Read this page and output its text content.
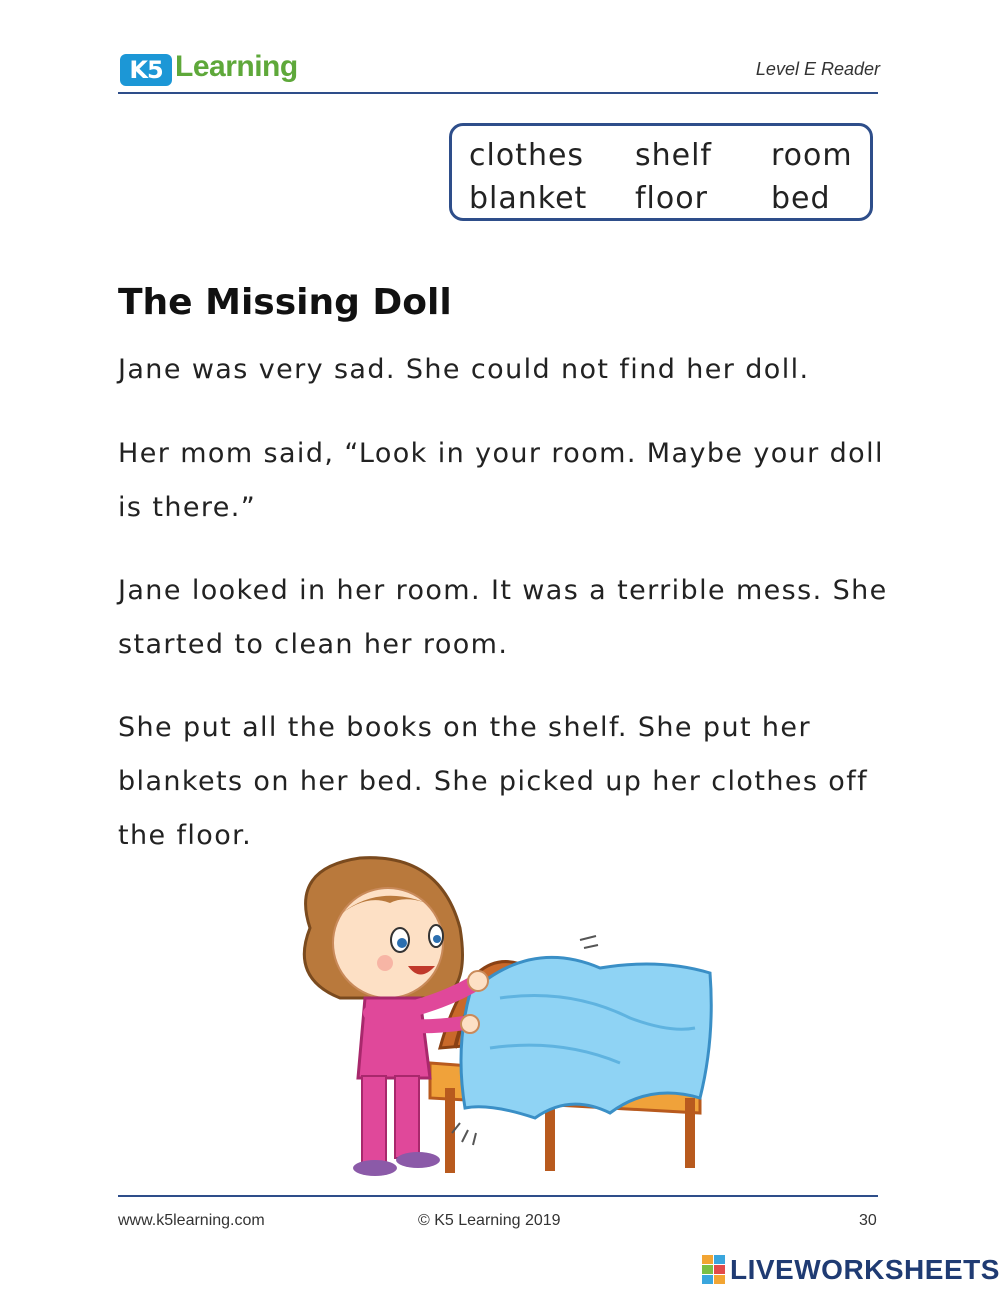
K5 Learning	Level E Reader
clothes shelf room
blanket floor bed
The Missing Doll

Jane was very sad. She could not find her doll.

Her mom said, “Look in your room. Maybe your doll is there.”

Jane looked in her room. It was a terrible mess. She started to clean her room.

She put all the books on the shelf. She put her blankets on her bed. She picked up her clothes off the floor.

www.k5learning.com	© K5 Learning 2019	30
LIVEWORKSHEETS
